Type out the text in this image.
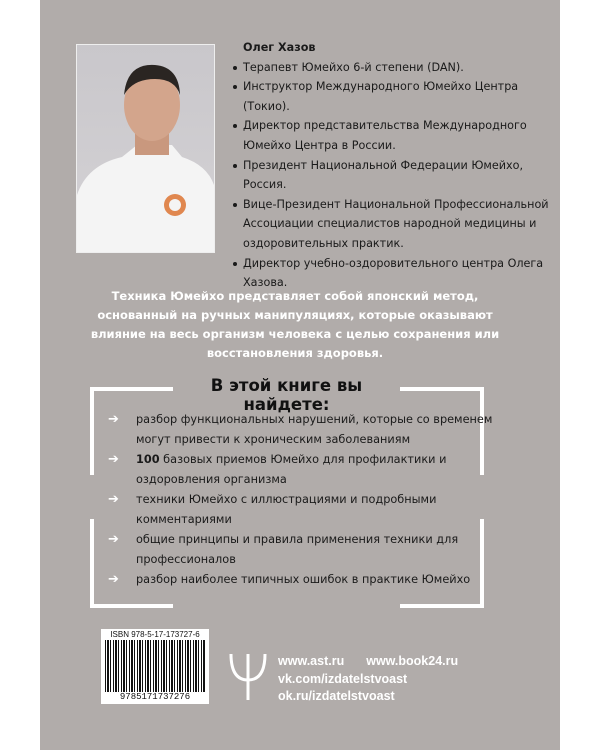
Олег Хазов
Терапевт Юмейхо 6-й степени (DAN).
Инструктор Международного Юмейхо Центра (Токио).
Директор представительства Международного Юмейхо Центра в России.
Президент Национальной Федерации Юмейхо, Россия.
Вице-Президент Национальной Профессиональной Ассоциации специалистов народной медицины и оздоровительных практик.
Директор учебно-оздоровительного центра Олега Хазова.
Техника Юмейхо представляет собой японский метод, основанный на ручных манипуляциях, которые оказывают влияние на весь организм человека с целью сохранения или восстановления здоровья.
В этой книге вы найдете:
➔ разбор функциональных нарушений, которые со временем могут привести к хроническим заболеваниям
➔ 100 базовых приемов Юмейхо для профилактики и оздоровления организма
➔ техники Юмейхо с иллюстрациями и подробными комментариями
➔ общие принципы и правила применения техники для профессионалов
➔ разбор наиболее типичных ошибок в практике Юмейхо
ISBN 978-5-17-173727-6
9785171737276
www.ast.ru www.book24.ru
vk.com/izdatelstvoast
ok.ru/izdatelstvoast
